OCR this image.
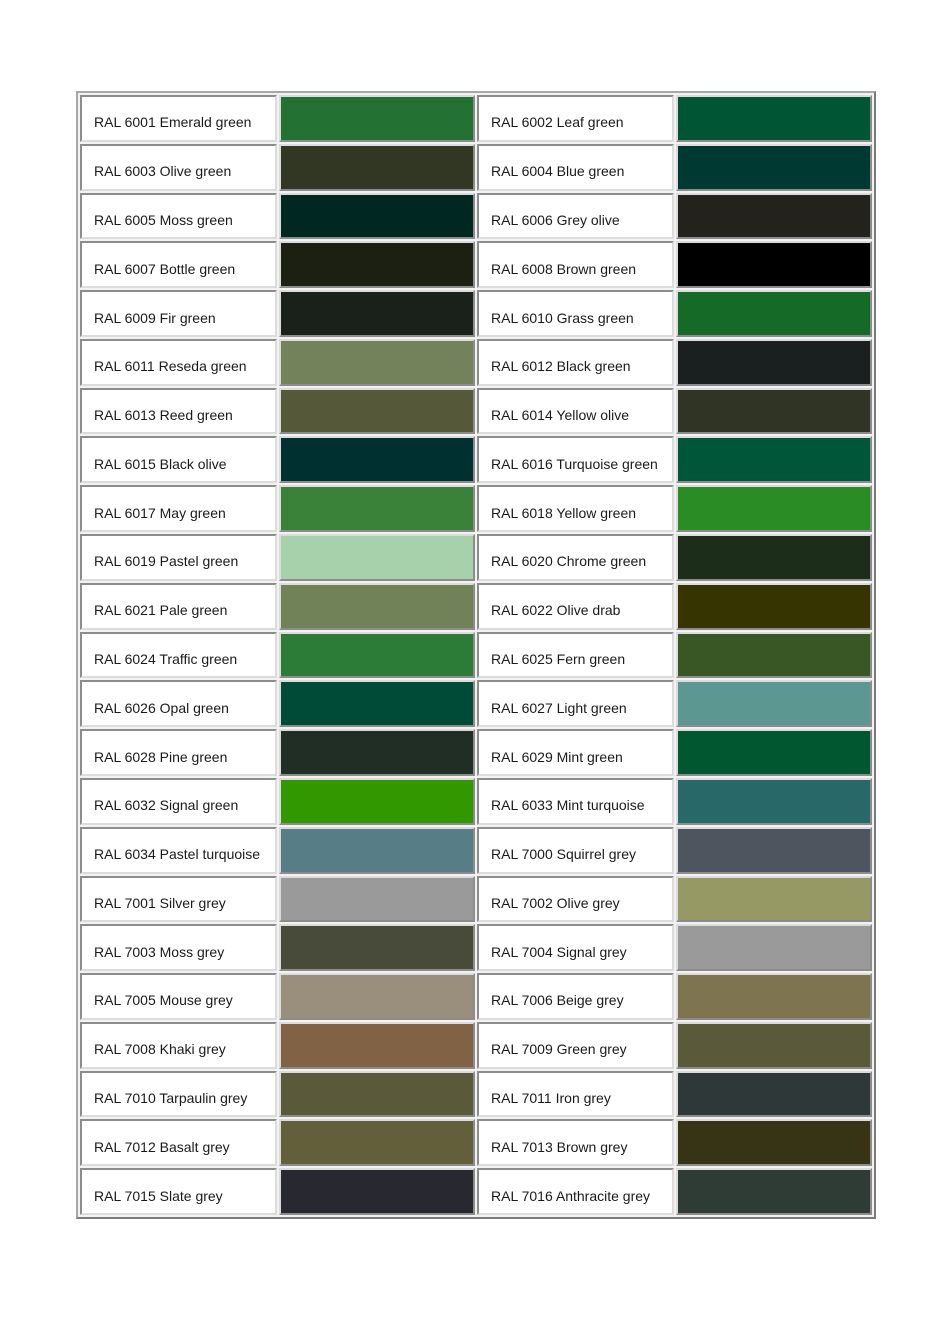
RAL 6001 Emerald green		RAL 6002 Leaf green	
RAL 6003 Olive green		RAL 6004 Blue green	
RAL 6005 Moss green		RAL 6006 Grey olive	
RAL 6007 Bottle green		RAL 6008 Brown green	
RAL 6009 Fir green		RAL 6010 Grass green	
RAL 6011 Reseda green		RAL 6012 Black green	
RAL 6013 Reed green		RAL 6014 Yellow olive	
RAL 6015 Black olive		RAL 6016 Turquoise green	
RAL 6017 May green		RAL 6018 Yellow green	
RAL 6019 Pastel green		RAL 6020 Chrome green	
RAL 6021 Pale green		RAL 6022 Olive drab	
RAL 6024 Traffic green		RAL 6025 Fern green	
RAL 6026 Opal green		RAL 6027 Light green	
RAL 6028 Pine green		RAL 6029 Mint green	
RAL 6032 Signal green		RAL 6033 Mint turquoise	
RAL 6034 Pastel turquoise		RAL 7000 Squirrel grey	
RAL 7001 Silver grey		RAL 7002 Olive grey	
RAL 7003 Moss grey		RAL 7004 Signal grey	
RAL 7005 Mouse grey		RAL 7006 Beige grey	
RAL 7008 Khaki grey		RAL 7009 Green grey	
RAL 7010 Tarpaulin grey		RAL 7011 Iron grey	
RAL 7012 Basalt grey		RAL 7013 Brown grey	
RAL 7015 Slate grey		RAL 7016 Anthracite grey	
